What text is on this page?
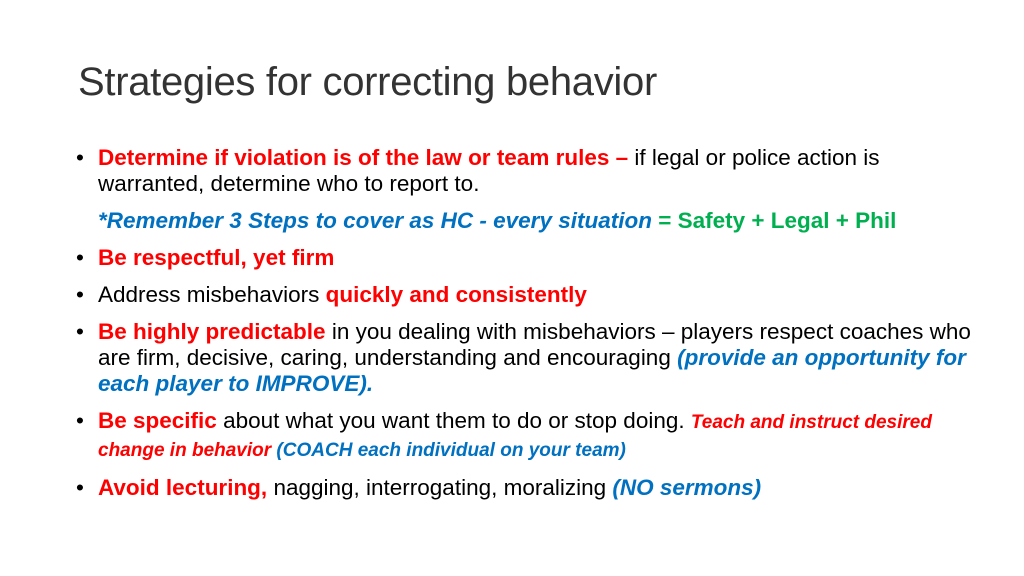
Strategies for correcting behavior
• Determine if violation is of the law or team rules – if legal or police action is warranted, determine who to report to.
*Remember 3 Steps to cover as HC - every situation = Safety + Legal + Phil
• Be respectful, yet firm
• Address misbehaviors quickly and consistently
• Be highly predictable in you dealing with misbehaviors – players respect coaches who are firm, decisive, caring, understanding and encouraging (provide an opportunity for each player to IMPROVE).
• Be specific about what you want them to do or stop doing. Teach and instruct desired change in behavior (COACH each individual on your team)
• Avoid lecturing, nagging, interrogating, moralizing (NO sermons)
